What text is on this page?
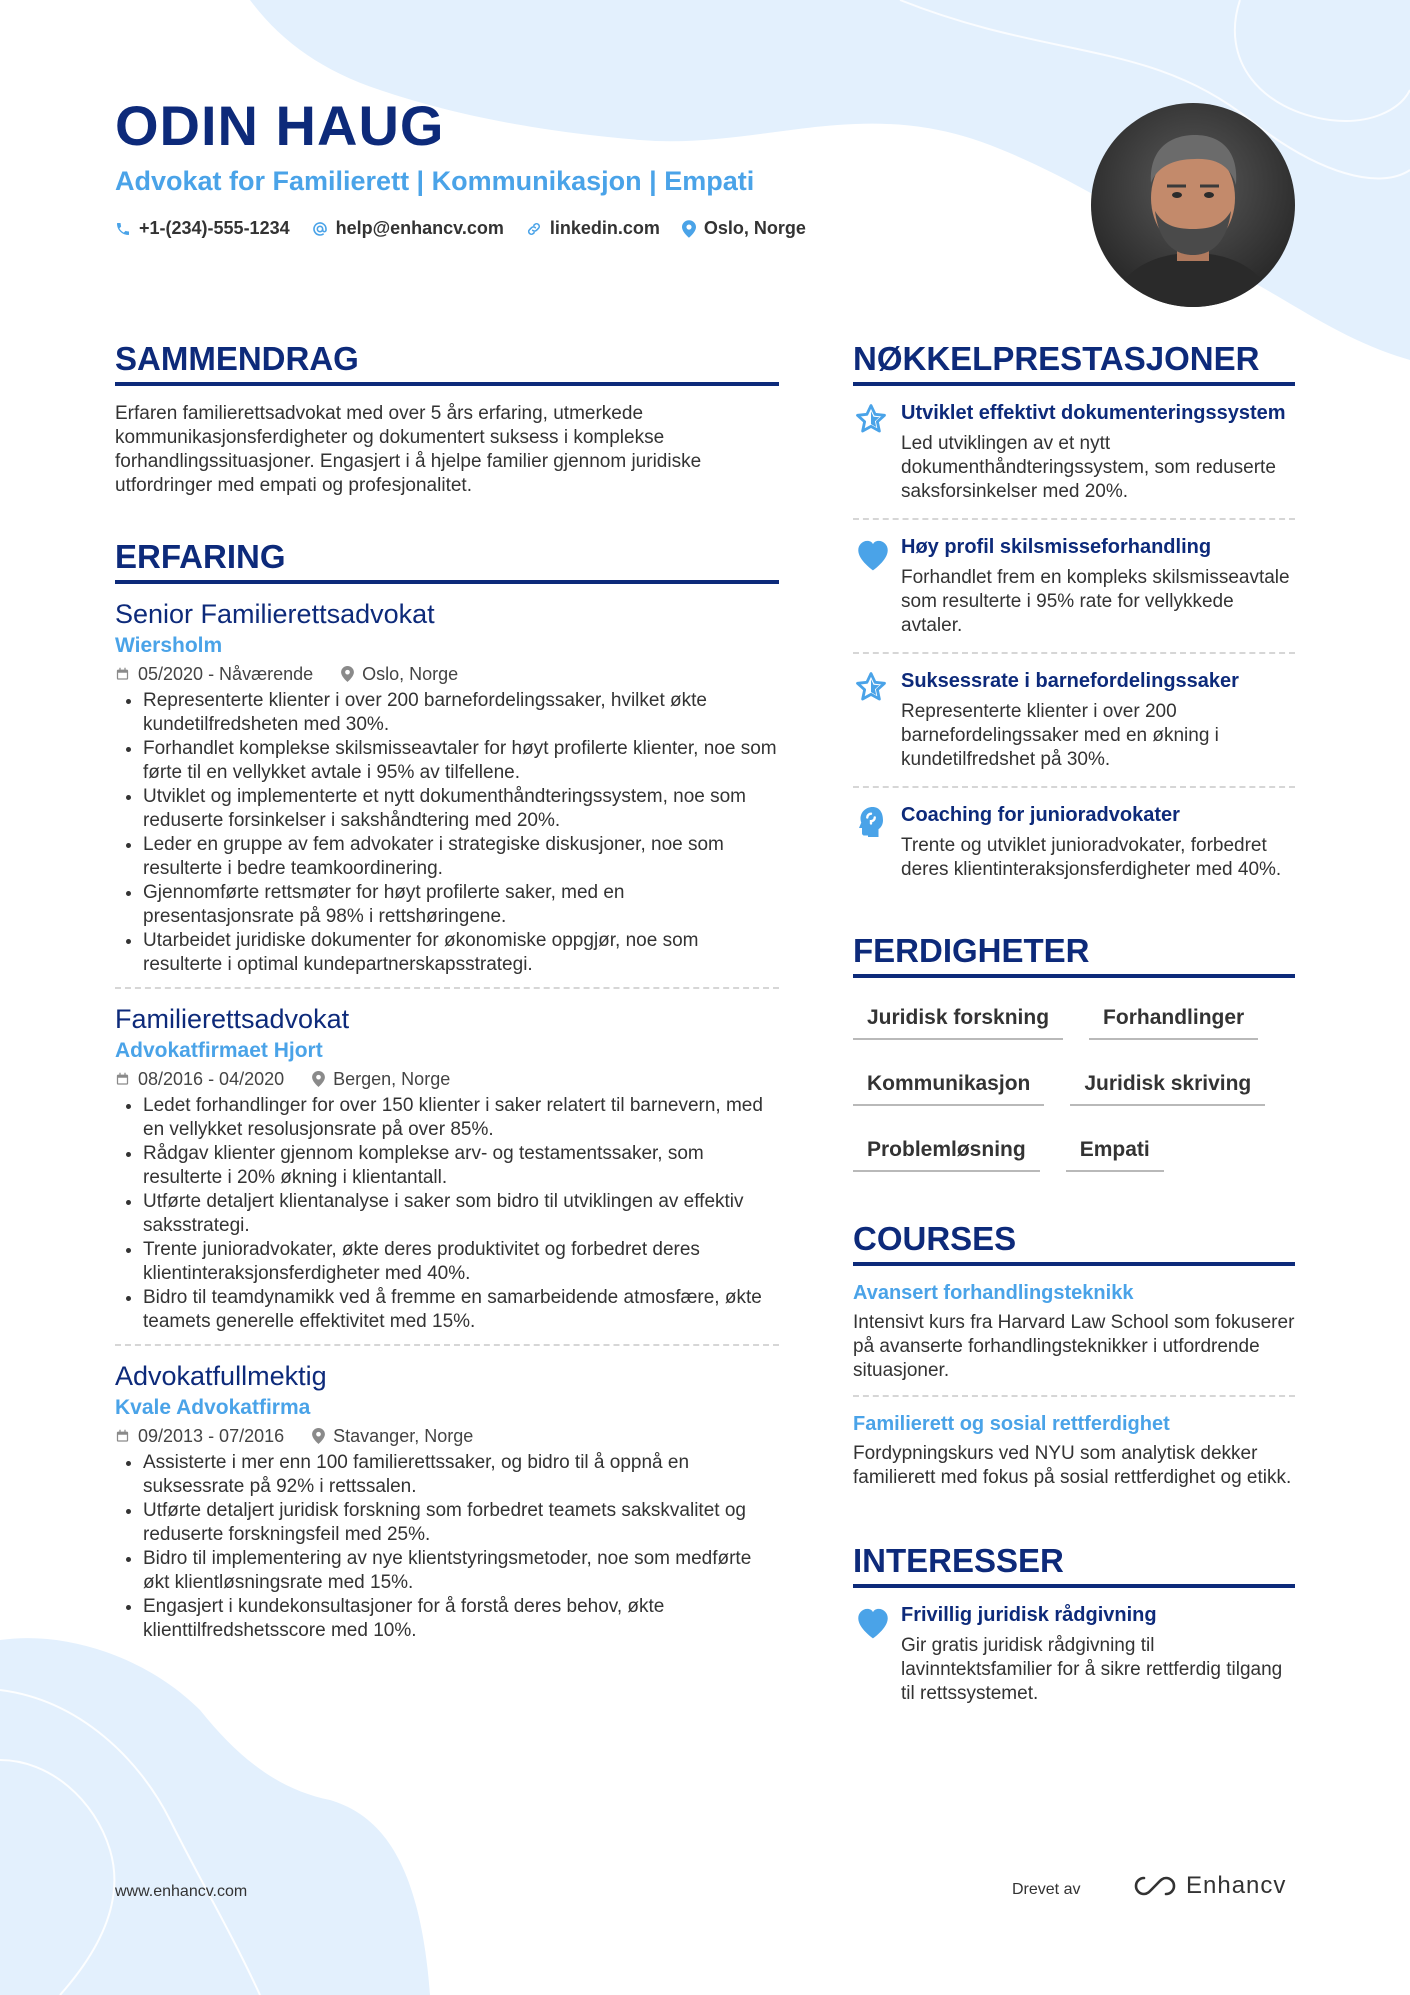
ODIN HAUG
Advokat for Familierett | Kommunikasjon | Empati
+1-(234)-555-1234	help@enhancv.com	linkedin.com Oslo, Norge
SAMMENDRAG

Erfaren familierettsadvokat med over 5 års erfaring, utmerkede kommunikasjonsferdigheter og dokumentert suksess i komplekse forhandlingssituasjoner. Engasjert i å hjelpe familier gjennom juridiske utfordringer med empati og profesjonalitet.

ERFARING
Senior Familierettsadvokat
Wiersholm
05/2020 - Nåværende	Oslo, Norge
• Representerte klienter i over 200 barnefordelingssaker, hvilket økte kundetilfredsheten med 30%.
• Forhandlet komplekse skilsmisseavtaler for høyt profilerte klienter, noe som førte til en vellykket avtale i 95% av tilfellene.
• Utviklet og implementerte et nytt dokumenthåndteringssystem, noe som reduserte forsinkelser i sakshåndtering med 20%.
• Leder en gruppe av fem advokater i strategiske diskusjoner, noe som resulterte i bedre teamkoordinering.
• Gjennomførte rettsmøter for høyt profilerte saker, med en presentasjonsrate på 98% i rettshøringene.
• Utarbeidet juridiske dokumenter for økonomiske oppgjør, noe som resulterte i optimal kundepartnerskapsstrategi.
Familierettsadvokat
Advokatfirmaet Hjort
08/2016 - 04/2020	Bergen, Norge
• Ledet forhandlinger for over 150 klienter i saker relatert til barnevern, med en vellykket resolusjonsrate på over 85%.
• Rådgav klienter gjennom komplekse arv- og testamentssaker, som resulterte i 20% økning i klientantall.
• Utførte detaljert klientanalyse i saker som bidro til utviklingen av effektiv saksstrategi.
• Trente junioradvokater, økte deres produktivitet og forbedret deres klientinteraksjonsferdigheter med 40%.
• Bidro til teamdynamikk ved å fremme en samarbeidende atmosfære, økte teamets generelle effektivitet med 15%.
Advokatfullmektig
Kvale Advokatfirma
09/2013 - 07/2016	Stavanger, Norge
• Assisterte i mer enn 100 familierettssaker, og bidro til å oppnå en suksessrate på 92% i rettssalen.
• Utførte detaljert juridisk forskning som forbedret teamets sakskvalitet og reduserte forskningsfeil med 25%.
• Bidro til implementering av nye klientstyringsmetoder, noe som medførte økt klientløsningsrate med 15%.
• Engasjert i kundekonsultasjoner for å forstå deres behov, økte klienttilfredshetsscore med 10%.
NØKKELPRESTASJONER
Utviklet effektivt dokumenteringssystem

Led utviklingen av et nytt dokumenthåndteringssystem, som reduserte saksforsinkelser med 20%.

Høy profil skilsmisseforhandling

Forhandlet frem en kompleks skilsmisseavtale som resulterte i 95% rate for vellykkede avtaler.

Suksessrate i barnefordelingssaker

Representerte klienter i over 200 barnefordelingssaker med en økning i kundetilfredshet på 30%.

Coaching for junioradvokater

Trente og utviklet junioradvokater, forbedret deres klientinteraksjonsferdigheter med 40%.

FERDIGHETER
Juridisk forskning	Forhandlinger
Kommunikasjon	Juridisk skriving
Problemløsning	Empati
COURSES
Avansert forhandlingsteknikk

Intensivt kurs fra Harvard Law School som fokuserer på avanserte forhandlingsteknikker i utfordrende situasjoner.

Familierett og sosial rettferdighet

Fordypningskurs ved NYU som analytisk dekker familierett med fokus på sosial rettferdighet og etikk.

INTERESSER
Frivillig juridisk rådgivning

Gir gratis juridisk rådgivning til lavinntektsfamilier for å sikre rettferdig tilgang til rettssystemet.

www.enhancv.com	Drevet av	Enhancv
